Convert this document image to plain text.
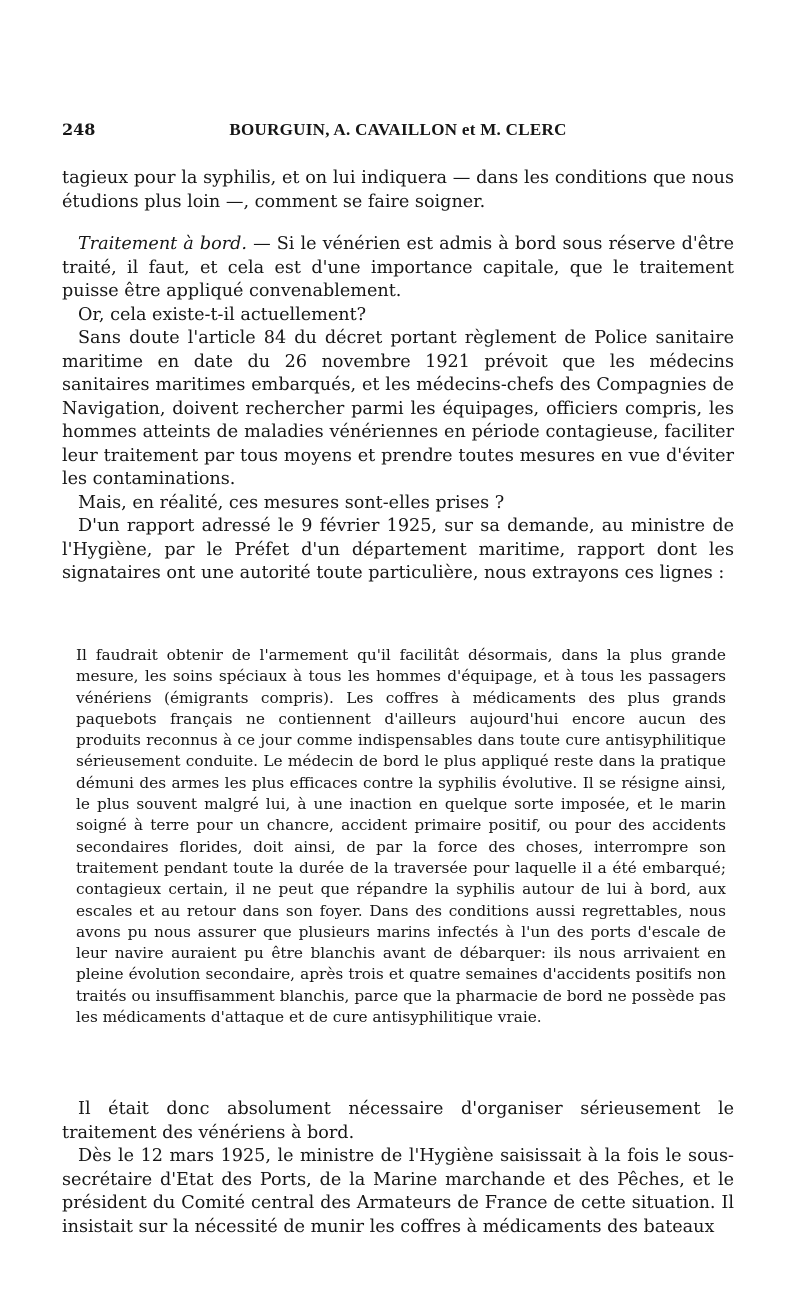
248	BOURGUIN, A. CAVAILLON et M. CLERC

tagieux pour la syphilis, et on lui indiquera — dans les conditions que nous étudions plus loin —, comment se faire soigner.

Traitement à bord. — Si le vénérien est admis à bord sous réserve d'être traité, il faut, et cela est d'une importance capitale, que le traitement puisse être appliqué convenablement.

Or, cela existe-t-il actuellement?

Sans doute l'article 84 du décret portant règlement de Police sanitaire maritime en date du 26 novembre 1921 prévoit que les médecins sanitaires maritimes embarqués, et les médecins-chefs des Compagnies de Navigation, doivent rechercher parmi les équipages, officiers compris, les hommes atteints de maladies vénériennes en période contagieuse, faciliter leur traitement par tous moyens et prendre toutes mesures en vue d'éviter les contaminations.

Mais, en réalité, ces mesures sont-elles prises ?

D'un rapport adressé le 9 février 1925, sur sa demande, au ministre de l'Hygiène, par le Préfet d'un département maritime, rapport dont les signataires ont une autorité toute particulière, nous extrayons ces lignes :

Il faudrait obtenir de l'armement qu'il facilitât désormais, dans la plus grande mesure, les soins spéciaux à tous les hommes d'équipage, et à tous les passagers vénériens (émigrants compris). Les coffres à médicaments des plus grands paquebots français ne contiennent d'ailleurs aujourd'hui encore aucun des produits reconnus à ce jour comme indispensables dans toute cure antisyphilitique sérieusement conduite. Le médecin de bord le plus appliqué reste dans la pratique démuni des armes les plus efficaces contre la syphilis évolutive. Il se résigne ainsi, le plus souvent malgré lui, à une inaction en quelque sorte imposée, et le marin soigné à terre pour un chancre, accident primaire positif, ou pour des accidents secondaires florides, doit ainsi, de par la force des choses, interrompre son traitement pendant toute la durée de la traversée pour laquelle il a été embarqué; contagieux certain, il ne peut que répandre la syphilis autour de lui à bord, aux escales et au retour dans son foyer. Dans des conditions aussi regrettables, nous avons pu nous assurer que plusieurs marins infectés à l'un des ports d'escale de leur navire auraient pu être blanchis avant de débarquer: ils nous arrivaient en pleine évolution secondaire, après trois et quatre semaines d'accidents positifs non traités ou insuffisamment blanchis, parce que la pharmacie de bord ne possède pas les médicaments d'attaque et de cure antisyphilitique vraie.

Il était donc absolument nécessaire d'organiser sérieusement le traitement des vénériens à bord.

Dès le 12 mars 1925, le ministre de l'Hygiène saisissait à la fois le sous-secrétaire d'Etat des Ports, de la Marine marchande et des Pêches, et le président du Comité central des Armateurs de France de cette situation. Il insistait sur la nécessité de munir les coffres à médicaments des bateaux
